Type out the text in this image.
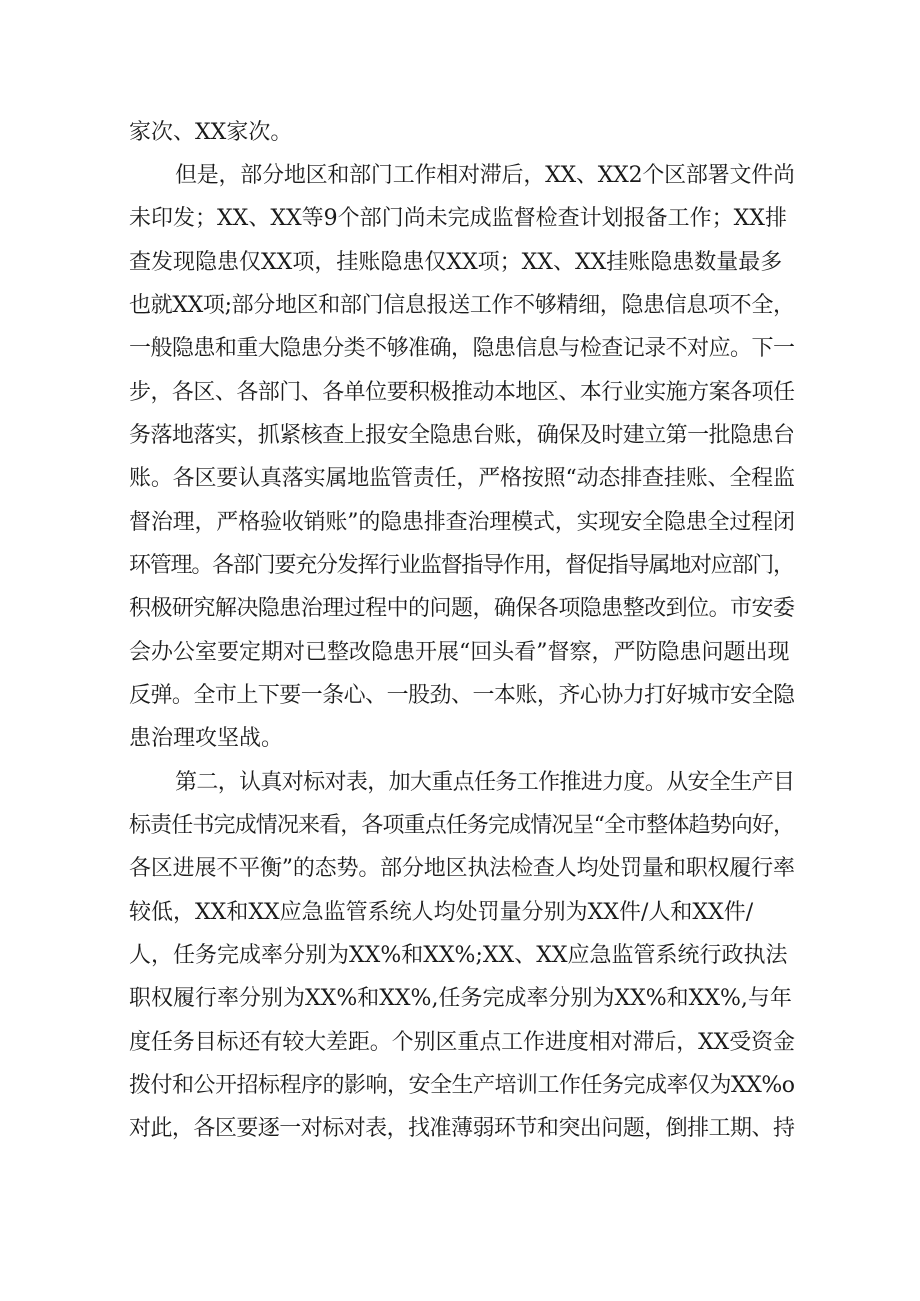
家次、XX家次。

但是，部分地区和部门工作相对滞后，XX、XX2个区部署文件尚

未印发；XX、XX等9个部门尚未完成监督检查计划报备工作；XX排

查发现隐患仅XX项，挂账隐患仅XX项；XX、XX挂账隐患数量最多

也就XX项;部分地区和部门信息报送工作不够精细，隐患信息项不全，

一般隐患和重大隐患分类不够准确，隐患信息与检查记录不对应。下一

步，各区、各部门、各单位要积极推动本地区、本行业实施方案各项任

务落地落实，抓紧核查上报安全隐患台账，确保及时建立第一批隐患台

账。各区要认真落实属地监管责任，严格按照“动态排查挂账、全程监

督治理，严格验收销账”的隐患排查治理模式，实现安全隐患全过程闭

环管理。各部门要充分发挥行业监督指导作用，督促指导属地对应部门，

积极研究解决隐患治理过程中的问题，确保各项隐患整改到位。市安委

会办公室要定期对已整改隐患开展“回头看”督察，严防隐患问题出现

反弹。全市上下要一条心、一股劲、一本账，齐心协力打好城市安全隐

患治理攻坚战。

第二，认真对标对表，加大重点任务工作推进力度。从安全生产目

标责任书完成情况来看，各项重点任务完成情况呈“全市整体趋势向好，

各区进展不平衡”的态势。部分地区执法检查人均处罚量和职权履行率

较低，XX和XX应急监管系统人均处罚量分别为XX件/人和XX件/

人，任务完成率分别为XX%和XX%;XX、XX应急监管系统行政执法

职权履行率分别为XX%和XX%,任务完成率分别为XX%和XX%,与年

度任务目标还有较大差距。个别区重点工作进度相对滞后，XX受资金

拨付和公开招标程序的影响，安全生产培训工作任务完成率仅为XX%o

对此，各区要逐一对标对表，找准薄弱环节和突出问题，倒排工期、持
